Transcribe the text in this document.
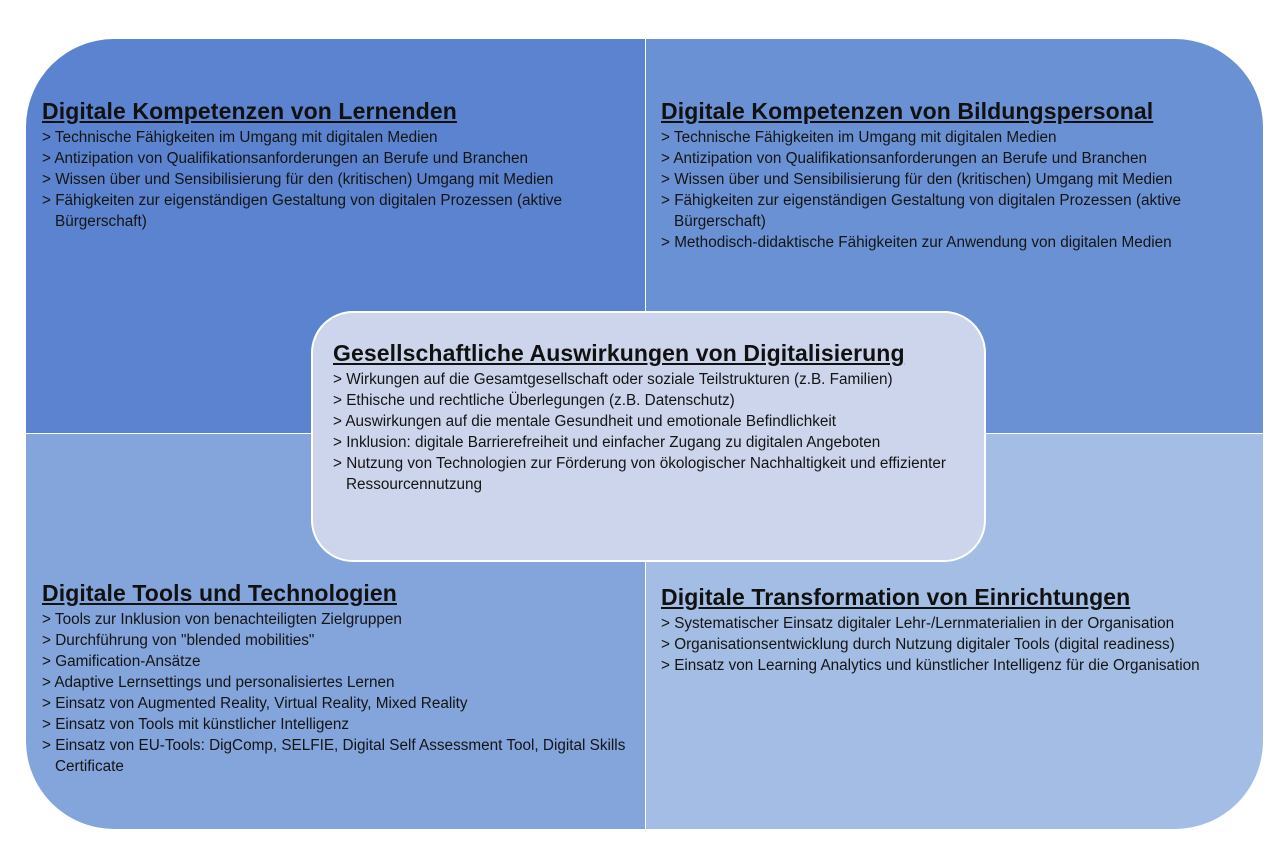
Digitale Kompetenzen von Lernenden
> Technische Fähigkeiten im Umgang mit digitalen Medien
> Antizipation von Qualifikationsanforderungen an Berufe und Branchen
> Wissen über und Sensibilisierung für den (kritischen) Umgang mit Medien
> Fähigkeiten zur eigenständigen Gestaltung von digitalen Prozessen (aktive Bürgerschaft)
Digitale Kompetenzen von Bildungspersonal
> Technische Fähigkeiten im Umgang mit digitalen Medien
> Antizipation von Qualifikationsanforderungen an Berufe und Branchen
> Wissen über und Sensibilisierung für den (kritischen) Umgang mit Medien
> Fähigkeiten zur eigenständigen Gestaltung von digitalen Prozessen (aktive Bürgerschaft)
> Methodisch-didaktische Fähigkeiten zur Anwendung von digitalen Medien
Digitale Tools und Technologien
> Tools zur Inklusion von benachteiligten Zielgruppen
> Durchführung von "blended mobilities"
> Gamification-Ansätze
> Adaptive Lernsettings und personalisiertes Lernen
> Einsatz von Augmented Reality, Virtual Reality, Mixed Reality
> Einsatz von Tools mit künstlicher Intelligenz
> Einsatz von EU-Tools: DigComp, SELFIE, Digital Self Assessment Tool, Digital Skills Certificate
Digitale Transformation von Einrichtungen
> Systematischer Einsatz digitaler Lehr-/Lernmaterialien in der Organisation
> Organisationsentwicklung durch Nutzung digitaler Tools (digital readiness)
> Einsatz von Learning Analytics und künstlicher Intelligenz für die Organisation
Gesellschaftliche Auswirkungen von Digitalisierung
> Wirkungen auf die Gesamtgesellschaft oder soziale Teilstrukturen (z.B. Familien)
> Ethische und rechtliche Überlegungen (z.B. Datenschutz)
> Auswirkungen auf die mentale Gesundheit und emotionale Befindlichkeit
> Inklusion: digitale Barrierefreiheit und einfacher Zugang zu digitalen Angeboten
> Nutzung von Technologien zur Förderung von ökologischer Nachhaltigkeit und effizienter Ressourcennutzung
